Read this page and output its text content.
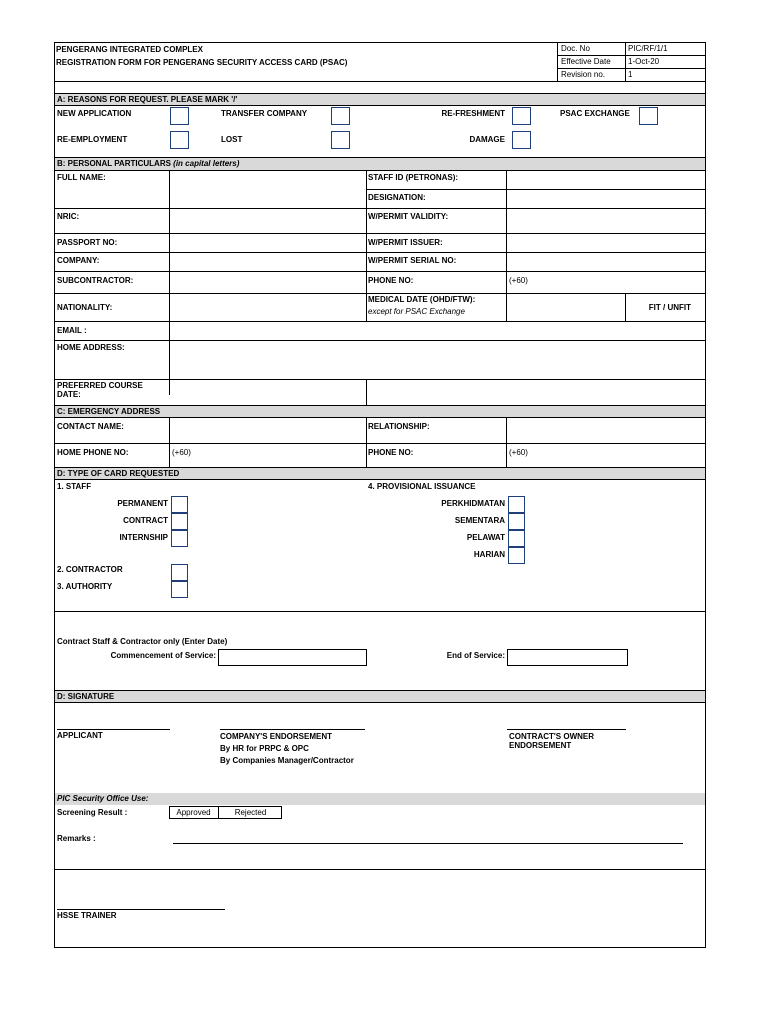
PENGERANG INTEGRATED COMPLEX
REGISTRATION FORM FOR PENGERANG SECURITY ACCESS CARD (PSAC)
Doc. No	PIC/RF/1/1
Effective Date 1-Oct-20
Revision no.	1
A: REASONS FOR REQUEST. PLEASE MARK '/'
NEW APPLICATION	TRANSFER COMPANY	RE-FRESHMENT	PSAC EXCHANGE
RE-EMPLOYMENT	LOST	DAMAGE
B: PERSONAL PARTICULARS (in capital letters)
FULL NAME:	STAFF ID (PETRONAS):
DESIGNATION:
NRIC:	W/PERMIT VALIDITY:
PASSPORT NO:	W/PERMIT ISSUER:
COMPANY:	W/PERMIT SERIAL NO:
SUBCONTRACTOR:	PHONE NO:	(+60)
NATIONALITY:
MEDICAL DATE (OHD/FTW):
except for PSAC Exchange	FIT / UNFIT
EMAIL :
HOME ADDRESS:
PREFERRED COURSE
DATE:
C: EMERGENCY ADDRESS
CONTACT NAME:	RELATIONSHIP:
HOME PHONE NO:	(+60)	PHONE NO:	(+60)
D: TYPE OF CARD REQUESTED
1. STAFF
PERMANENT
CONTRACT
INTERNSHIP
2. CONTRACTOR
3. AUTHORITY
4. PROVISIONAL ISSUANCE
PERKHIDMATAN
SEMENTARA
PELAWAT
HARIAN
Contract Staff & Contractor only (Enter Date)
Commencement of Service:	End of Service:
D: SIGNATURE
APPLICANT	COMPANY'S ENDORSEMENT
By HR for PRPC & OPC
By Companies Manager/Contractor
CONTRACT'S OWNER
ENDORSEMENT
PIC Security Office Use:
Screening Result :	Approved	Rejected
Remarks :
HSSE TRAINER
